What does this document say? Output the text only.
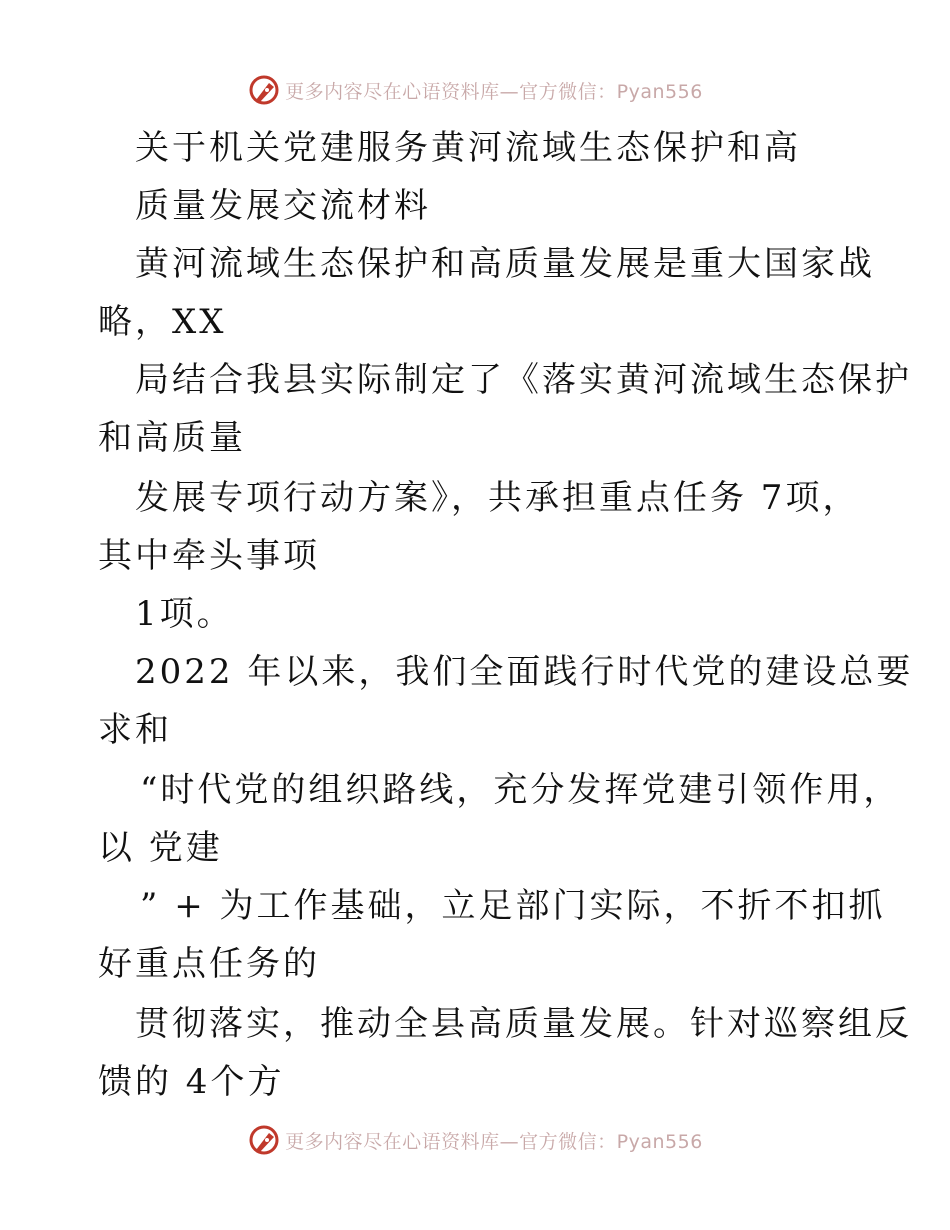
更多内容尽在心语资料库—官方微信：Pyan556
关于机关党建服务黄河流域生态保护和高
质量发展交流材料
黄河流域生态保护和高质量发展是重大国家战
略，XX
局结合我县实际制定了《落实黄河流域生态保护
和高质量
发展专项行动方案》，共承担重点任务 7项，
其中牵头事项
1项。
2022 年以来，我们全面践行时代党的建设总要
求和
“时代党的组织路线，充分发挥党建引领作用，
以 党建
” + 为工作基础，立足部门实际，不折不扣抓
好重点任务的
贯彻落实，推动全县高质量发展。针对巡察组反
馈的 4个方
更多内容尽在心语资料库—官方微信：Pyan556
